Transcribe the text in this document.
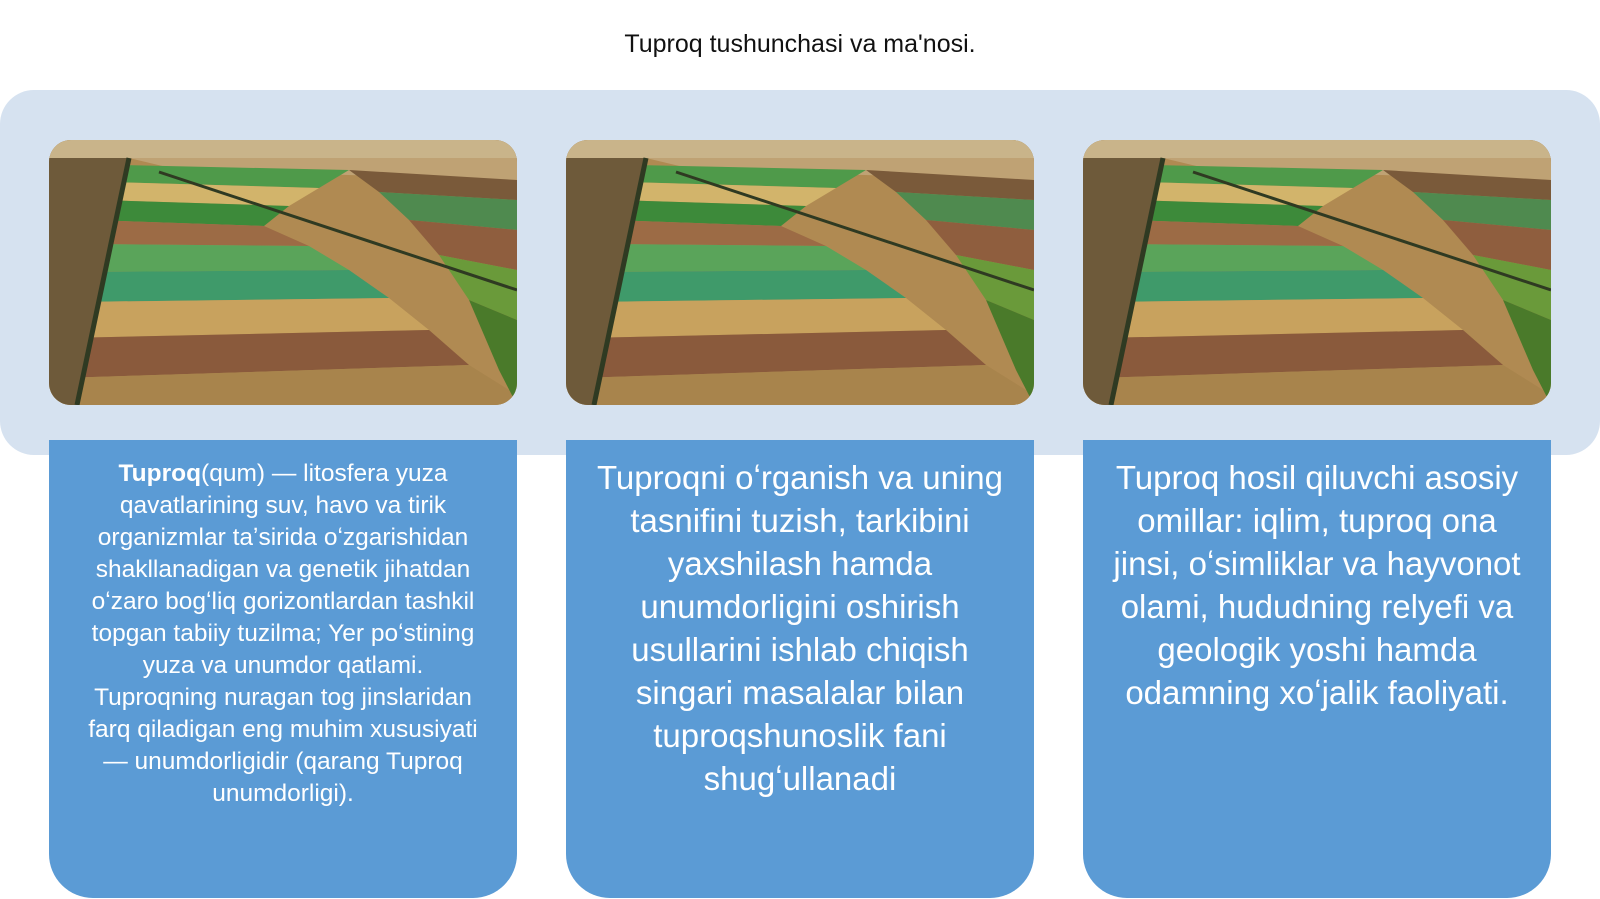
Tuproq tushunchasi va ma'nosi.
Tuproq(qum) — litosfera yuza qavatlarining suv, havo va tirik organizmlar taʼsirida oʻzgarishidan shakllanadigan va genetik jihatdan oʻzaro bogʻliq gorizontlardan tashkil topgan tabiiy tuzilma; Yer poʻstining yuza va unumdor qatlami. Tuproqning nuragan tog jinslaridan farq qiladigan eng muhim xususiyati — unumdorligidir (qarang Tuproq unumdorligi).
Tuproqni oʻrganish va uning tasnifini tuzish, tarkibini yaxshilash hamda unumdorligini oshirish usullarini ishlab chiqish singari masalalar bilan tuproqshunoslik fani shugʻullanadi
Tuproq hosil qiluvchi asosiy omillar: iqlim, tuproq ona jinsi, oʻsimliklar va hayvonot olami, hududning relyefi va geologik yoshi hamda odamning xoʻjalik faoliyati.
